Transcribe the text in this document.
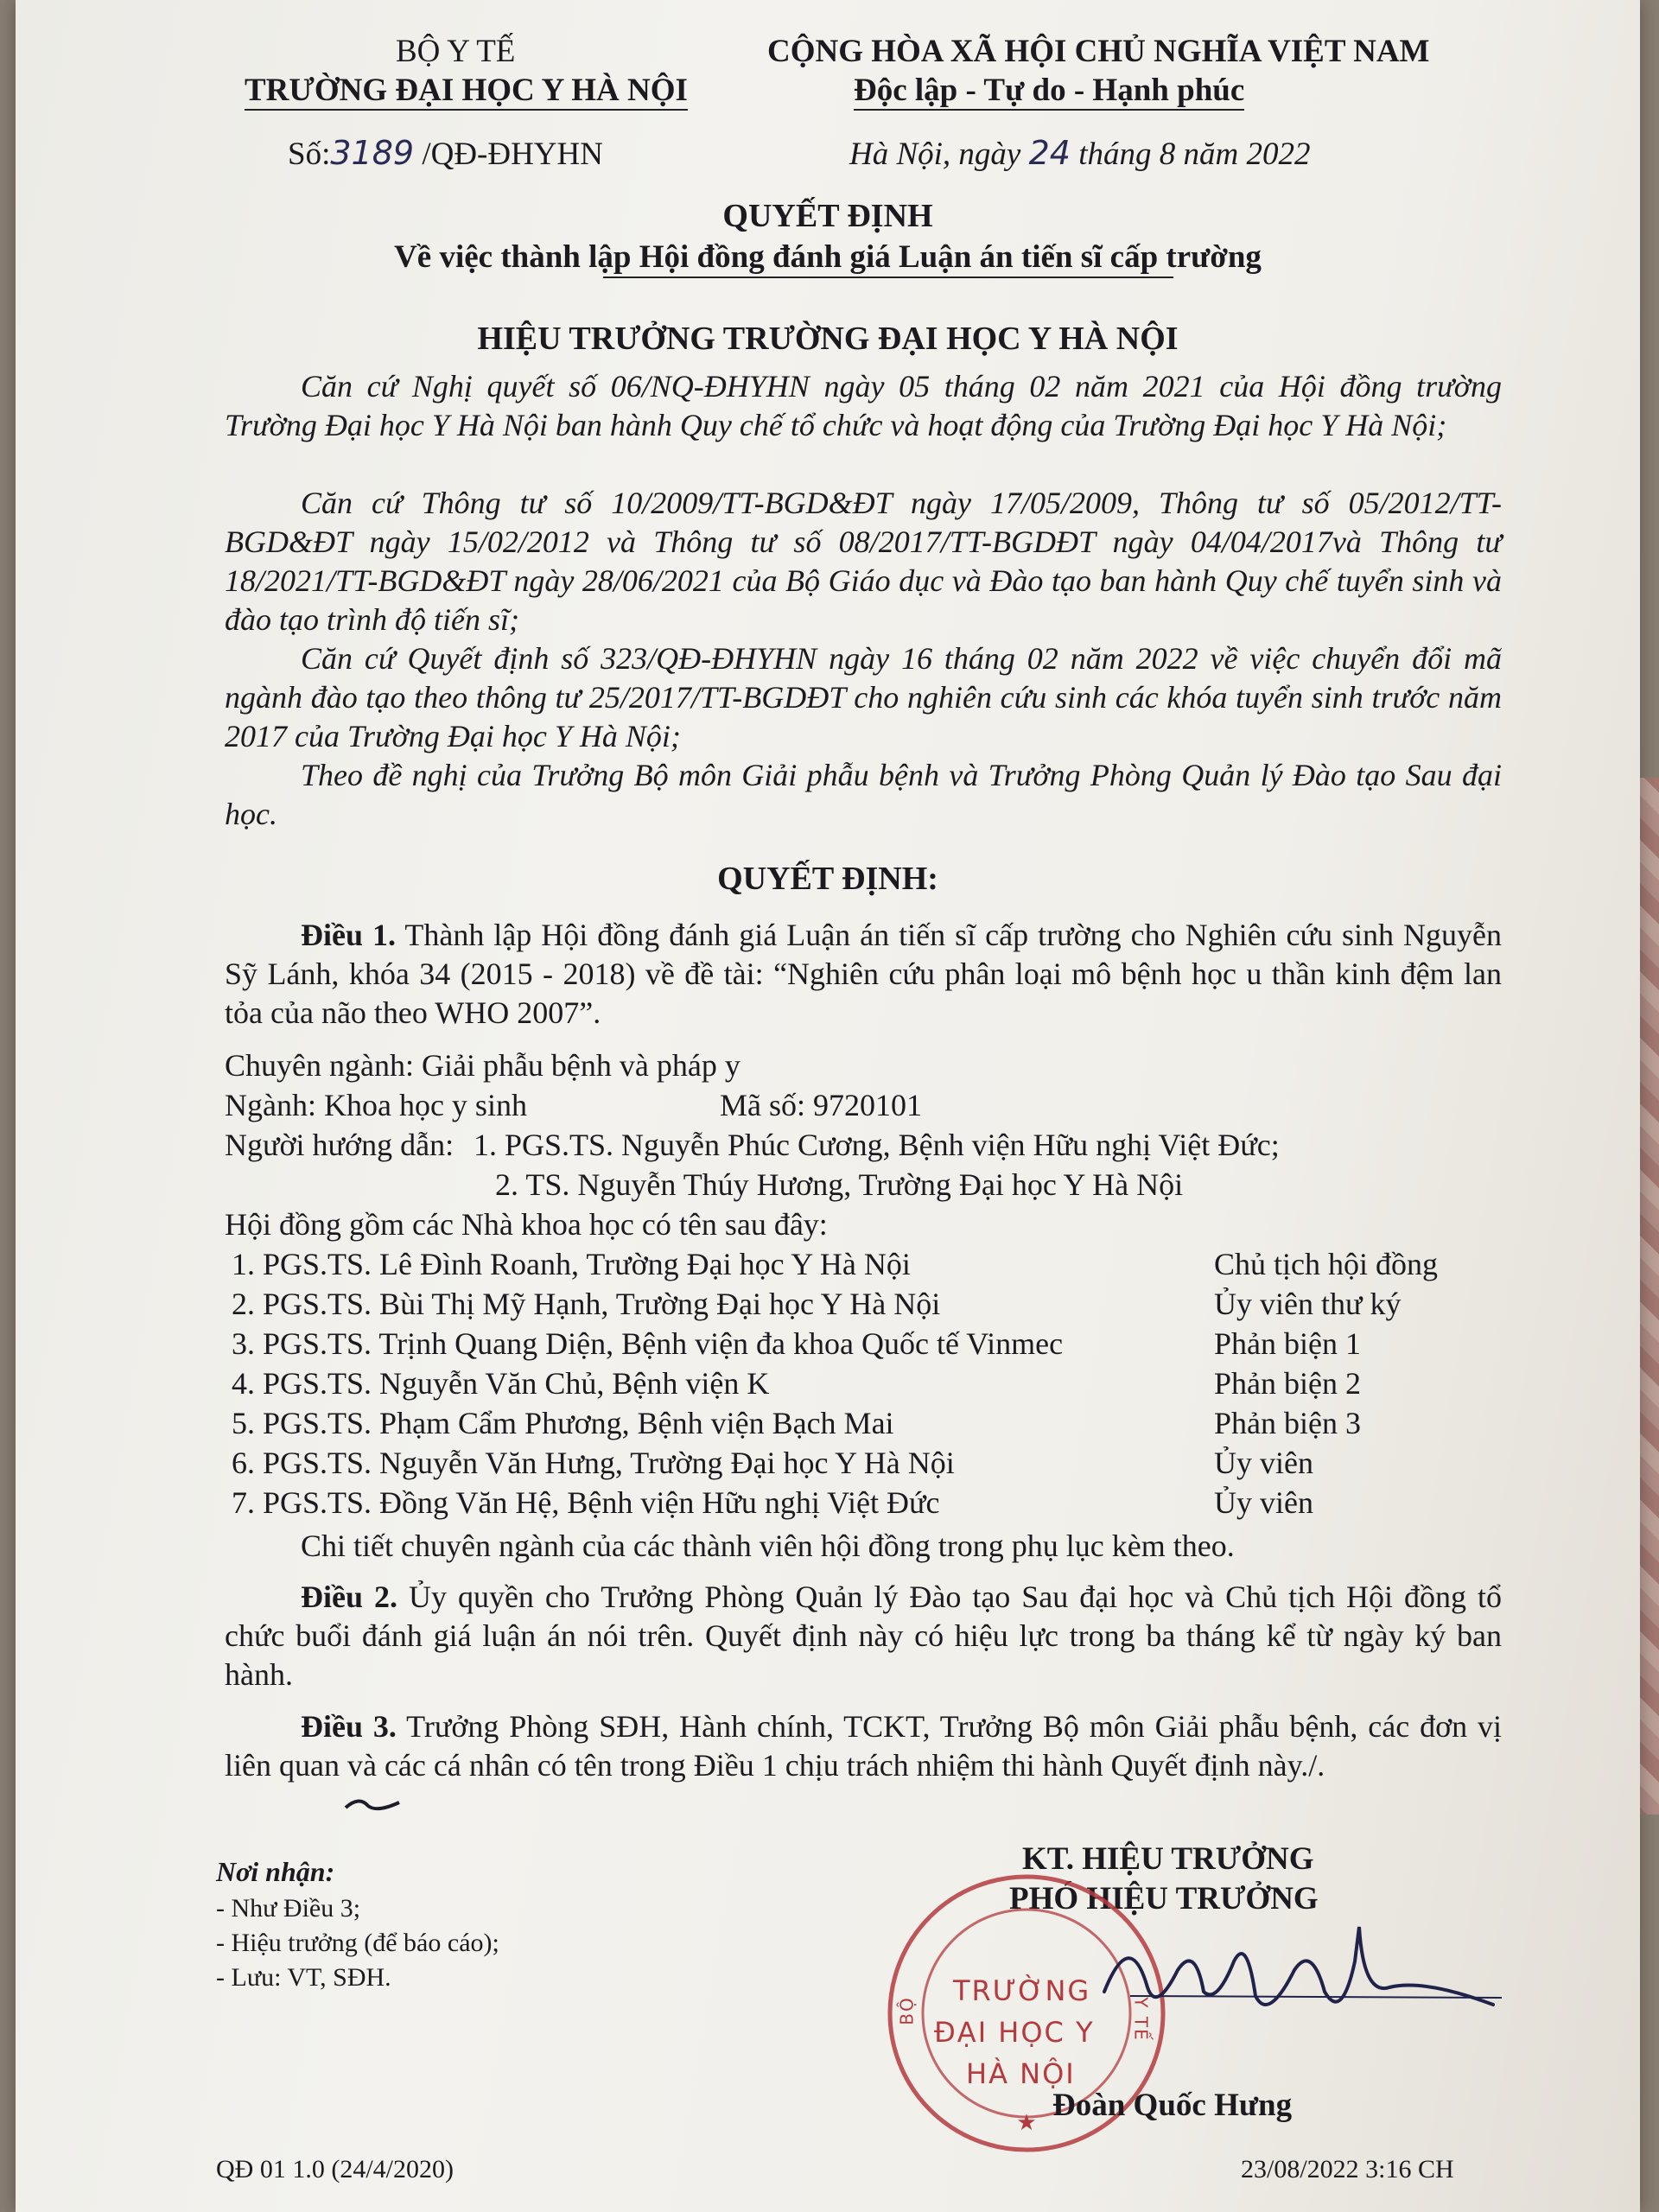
BỘ Y TẾ
TRƯỜNG ĐẠI HỌC Y HÀ NỘI
Số:3189 /QĐ-ĐHYHN
CỘNG HÒA XÃ HỘI CHỦ NGHĨA VIỆT NAM
Độc lập - Tự do - Hạnh phúc
Hà Nội, ngày 24 tháng 8 năm 2022
QUYẾT ĐỊNH
Về việc thành lập Hội đồng đánh giá Luận án tiến sĩ cấp trường
HIỆU TRƯỞNG TRƯỜNG ĐẠI HỌC Y HÀ NỘI
Căn cứ Nghị quyết số 06/NQ-ĐHYHN ngày 05 tháng 02 năm 2021 của Hội đồng trường Trường Đại học Y Hà Nội ban hành Quy chế tổ chức và hoạt động của Trường Đại học Y Hà Nội;
Căn cứ Thông tư số 10/2009/TT-BGD&ĐT ngày 17/05/2009, Thông tư số 05/2012/TT-BGD&ĐT ngày 15/02/2012 và Thông tư số 08/2017/TT-BGDĐT ngày 04/04/2017và Thông tư 18/2021/TT-BGD&ĐT ngày 28/06/2021 của Bộ Giáo dục và Đào tạo ban hành Quy chế tuyển sinh và đào tạo trình độ tiến sĩ;
Căn cứ Quyết định số 323/QĐ-ĐHYHN ngày 16 tháng 02 năm 2022 về việc chuyển đổi mã ngành đào tạo theo thông tư 25/2017/TT-BGDĐT cho nghiên cứu sinh các khóa tuyển sinh trước năm 2017 của Trường Đại học Y Hà Nội;
Theo đề nghị của Trưởng Bộ môn Giải phẫu bệnh và Trưởng Phòng Quản lý Đào tạo Sau đại học.
QUYẾT ĐỊNH:
Điều 1. Thành lập Hội đồng đánh giá Luận án tiến sĩ cấp trường cho Nghiên cứu sinh Nguyễn Sỹ Lánh, khóa 34 (2015 - 2018) về đề tài: “Nghiên cứu phân loại mô bệnh học u thần kinh đệm lan tỏa của não theo WHO 2007”.
Chuyên ngành: Giải phẫu bệnh và pháp y
Ngành: Khoa học y sinh	Mã số: 9720101
Người hướng dẫn: 1. PGS.TS. Nguyễn Phúc Cương, Bệnh viện Hữu nghị Việt Đức;
2. TS. Nguyễn Thúy Hương, Trường Đại học Y Hà Nội
Hội đồng gồm các Nhà khoa học có tên sau đây:
1. PGS.TS. Lê Đình Roanh, Trường Đại học Y Hà Nội	Chủ tịch hội đồng
2. PGS.TS. Bùi Thị Mỹ Hạnh, Trường Đại học Y Hà Nội	Ủy viên thư ký
3. PGS.TS. Trịnh Quang Diện, Bệnh viện đa khoa Quốc tế Vinmec	Phản biện 1
4. PGS.TS. Nguyễn Văn Chủ, Bệnh viện K	Phản biện 2
5. PGS.TS. Phạm Cẩm Phương, Bệnh viện Bạch Mai	Phản biện 3
6. PGS.TS. Nguyễn Văn Hưng, Trường Đại học Y Hà Nội	Ủy viên
7. PGS.TS. Đồng Văn Hệ, Bệnh viện Hữu nghị Việt Đức	Ủy viên
Chi tiết chuyên ngành của các thành viên hội đồng trong phụ lục kèm theo.
Điều 2. Ủy quyền cho Trưởng Phòng Quản lý Đào tạo Sau đại học và Chủ tịch Hội đồng tổ chức buổi đánh giá luận án nói trên. Quyết định này có hiệu lực trong ba tháng kể từ ngày ký ban hành.
Điều 3. Trưởng Phòng SĐH, Hành chính, TCKT, Trưởng Bộ môn Giải phẫu bệnh, các đơn vị liên quan và các cá nhân có tên trong Điều 1 chịu trách nhiệm thi hành Quyết định này./.
Nơi nhận:
- Như Điều 3;
- Hiệu trưởng (để báo cáo);
- Lưu: VT, SĐH.
KT. HIỆU TRƯỞNG
PHÓ HIỆU TRƯỞNG
★
TRƯỜNG
ĐẠI HỌC Y
HÀ NỘI
BỘ	Y TẾ
Đoàn Quốc Hưng
QĐ 01 1.0 (24/4/2020)	23/08/2022 3:16 CH
